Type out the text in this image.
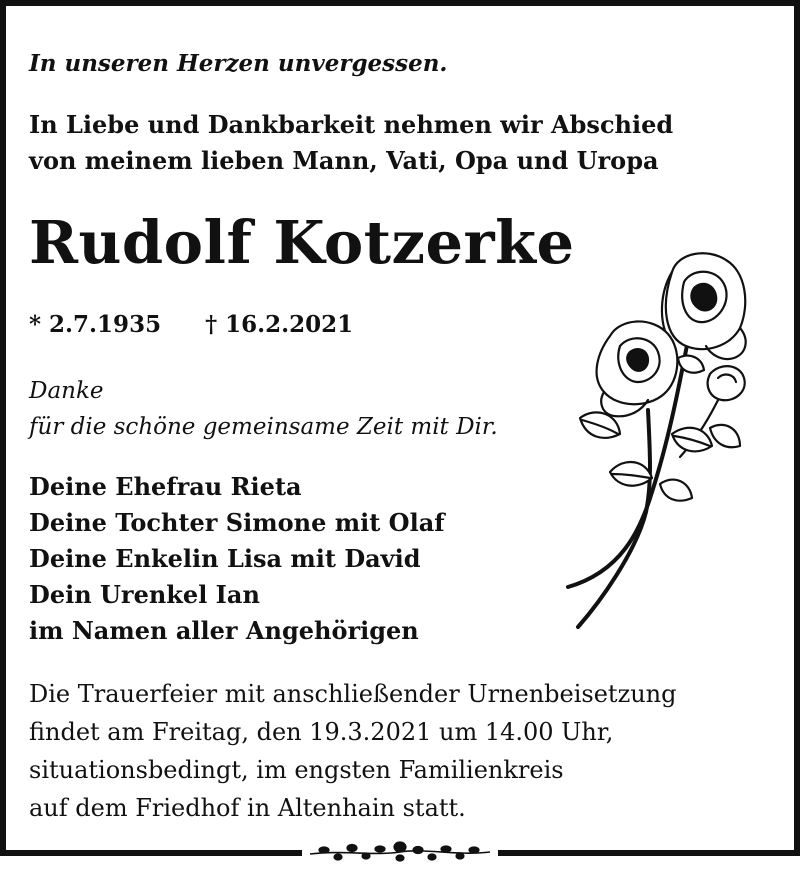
In unseren Herzen unvergessen.

In Liebe und Dankbarkeit nehmen wir Abschied
von meinem lieben Mann, Vati, Opa und Uropa

Rudolf Kotzerke

* 2.7.1935 † 16.2.2021

Danke
für die schöne gemeinsame Zeit mit Dir.

Deine Ehefrau Rieta
Deine Tochter Simone mit Olaf
Deine Enkelin Lisa mit David
Dein Urenkel Ian
im Namen aller Angehörigen

Die Trauerfeier mit anschließender Urnenbeisetzung
findet am Freitag, den 19.3.2021 um 14.00 Uhr,
situationsbedingt, im engsten Familienkreis
auf dem Friedhof in Altenhain statt.
